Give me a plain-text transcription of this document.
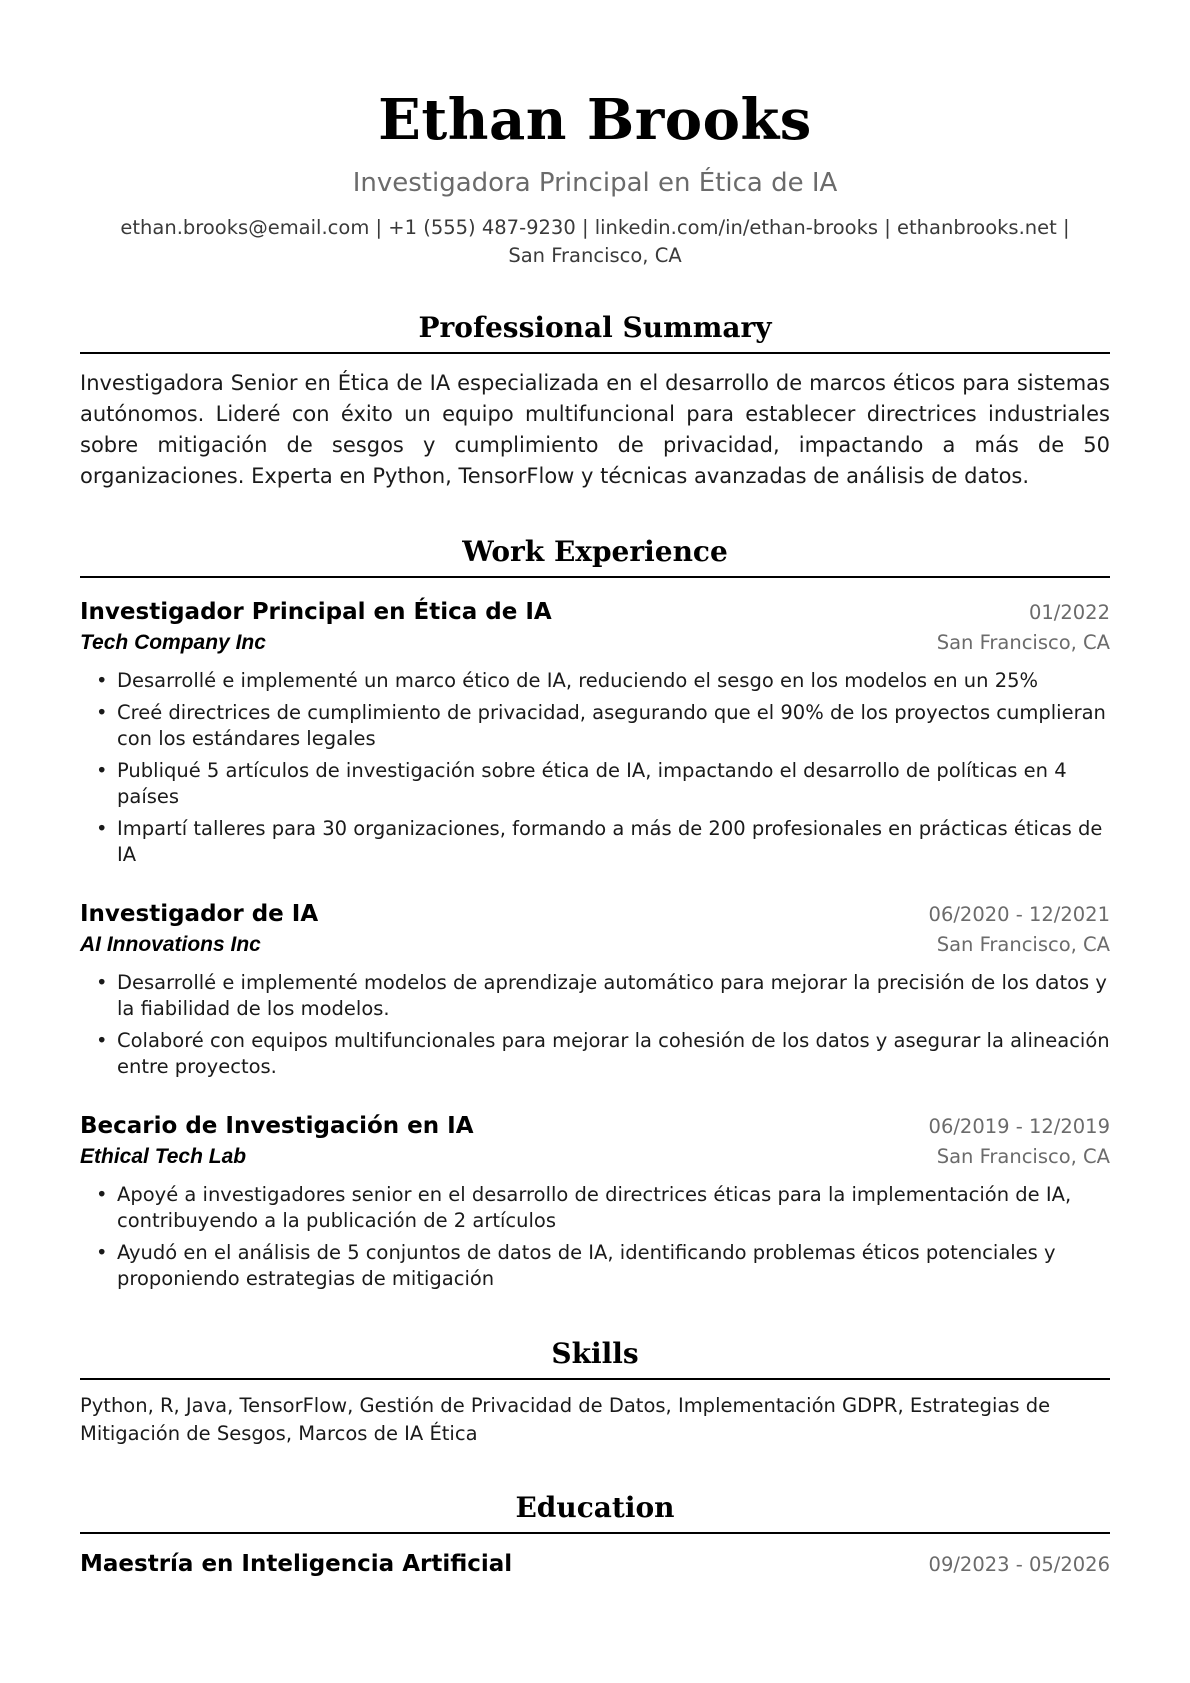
Ethan Brooks
Investigadora Principal en Ética de IA
ethan.brooks@email.com | +1 (555) 487-9230 | linkedin.com/in/ethan-brooks | ethanbrooks.net | San Francisco, CA
Professional Summary
Investigadora Senior en Ética de IA especializada en el desarrollo de marcos éticos para sistemas autónomos. Lideré con éxito un equipo multifuncional para establecer directrices industriales sobre mitigación de sesgos y cumplimiento de privacidad, impactando a más de 50 organizaciones. Experta en Python, TensorFlow y técnicas avanzadas de análisis de datos.
Work Experience
Investigador Principal en Ética de IA	01/2022
Tech Company Inc	San Francisco, CA
• Desarrollé e implementé un marco ético de IA, reduciendo el sesgo en los modelos en un 25%
• Creé directrices de cumplimiento de privacidad, asegurando que el 90% de los proyectos cumplieran con los estándares legales
• Publiqué 5 artículos de investigación sobre ética de IA, impactando el desarrollo de políticas en 4 países
• Impartí talleres para 30 organizaciones, formando a más de 200 profesionales en prácticas éticas de IA
Investigador de IA	06/2020 - 12/2021
AI Innovations Inc	San Francisco, CA
• Desarrollé e implementé modelos de aprendizaje automático para mejorar la precisión de los datos y la fiabilidad de los modelos.
• Colaboré con equipos multifuncionales para mejorar la cohesión de los datos y asegurar la alineación entre proyectos.
Becario de Investigación en IA	06/2019 - 12/2019
Ethical Tech Lab	San Francisco, CA
• Apoyé a investigadores senior en el desarrollo de directrices éticas para la implementación de IA, contribuyendo a la publicación de 2 artículos
• Ayudó en el análisis de 5 conjuntos de datos de IA, identificando problemas éticos potenciales y proponiendo estrategias de mitigación
Skills
Python, R, Java, TensorFlow, Gestión de Privacidad de Datos, Implementación GDPR, Estrategias de Mitigación de Sesgos, Marcos de IA Ética
Education
Maestría en Inteligencia Artificial	09/2023 - 05/2026
